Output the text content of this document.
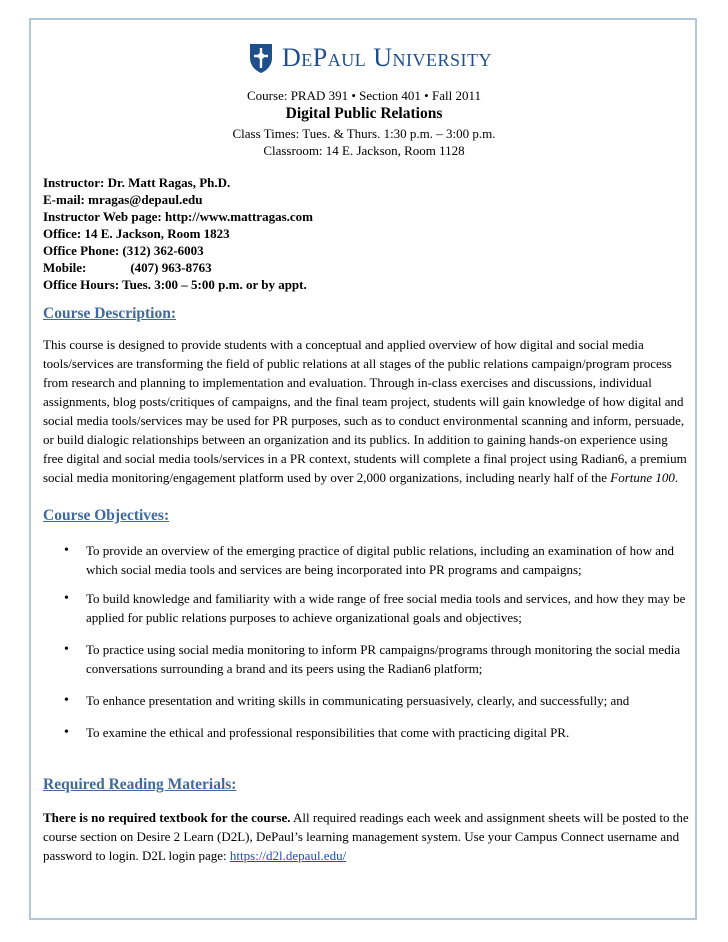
DePaul University
Course: PRAD 391 • Section 401 • Fall 2011
Digital Public Relations
Class Times: Tues. & Thurs. 1:30 p.m. – 3:00 p.m.
Classroom: 14 E. Jackson, Room 1128
Instructor: Dr. Matt Ragas, Ph.D.
E-mail: mragas@depaul.edu
Instructor Web page: http://www.mattragas.com
Office: 14 E. Jackson, Room 1823
Office Phone: (312) 362-6003
Mobile:	(407) 963-8763
Office Hours: Tues. 3:00 – 5:00 p.m. or by appt.
Course Description:
This course is designed to provide students with a conceptual and applied overview of how digital and social media tools/services are transforming the field of public relations at all stages of the public relations campaign/program process from research and planning to implementation and evaluation. Through in-class exercises and discussions, individual assignments, blog posts/critiques of campaigns, and the final team project, students will gain knowledge of how digital and social media tools/services may be used for PR purposes, such as to conduct environmental scanning and inform, persuade, or build dialogic relationships between an organization and its publics. In addition to gaining hands-on experience using free digital and social media tools/services in a PR context, students will complete a final project using Radian6, a premium social media monitoring/engagement platform used by over 2,000 organizations, including nearly half of the Fortune 100.
Course Objectives:
•	To provide an overview of the emerging practice of digital public relations, including an examination of how and which social media tools and services are being incorporated into PR programs and campaigns;
•	To build knowledge and familiarity with a wide range of free social media tools and services, and how they may be applied for public relations purposes to achieve organizational goals and objectives;
•	To practice using social media monitoring to inform PR campaigns/programs through monitoring the social media conversations surrounding a brand and its peers using the Radian6 platform;
•	To enhance presentation and writing skills in communicating persuasively, clearly, and successfully; and
•	To examine the ethical and professional responsibilities that come with practicing digital PR.
Required Reading Materials:
There is no required textbook for the course. All required readings each week and assignment sheets will be posted to the course section on Desire 2 Learn (D2L), DePaul’s learning management system. Use your Campus Connect username and password to login. D2L login page: https://d2l.depaul.edu/
